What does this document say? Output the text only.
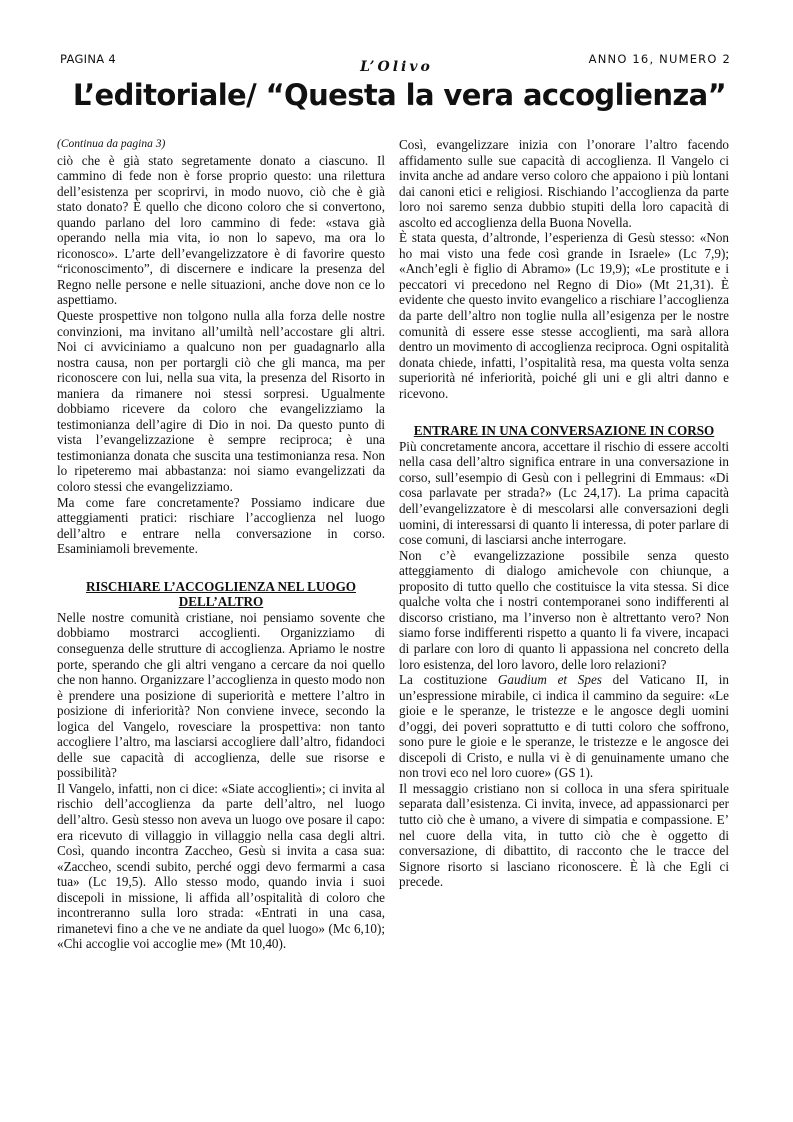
PAGINA 4	ANNO 16, NUMERO 2
L’Olivo
L’editoriale/ “Questa la vera accoglienza”

(Continua da pagina 3)

ciò che è già stato segretamente donato a ciascuno. Il cammino di fede non è forse proprio questo: una rilettura dell’esistenza per scoprirvi, in modo nuovo, ciò che è già stato donato? È quello che dicono coloro che si convertono, quando parlano del loro cammino di fede: «stava già operando nella mia vita, io non lo sapevo, ma ora lo riconosco». L’arte dell’evangelizzatore è di favorire questo “riconoscimento”, di discernere e indicare la presenza del Regno nelle persone e nelle situazioni, anche dove non ce lo aspettiamo.

Queste prospettive non tolgono nulla alla forza delle nostre convinzioni, ma invitano all’umiltà nell’accostare gli altri. Noi ci avviciniamo a qualcuno non per guadagnarlo alla nostra causa, non per portargli ciò che gli manca, ma per riconoscere con lui, nella sua vita, la presenza del Risorto in maniera da rimanere noi stessi sorpresi. Ugualmente dobbiamo ricevere da coloro che evangelizziamo la testimonianza dell’agire di Dio in noi. Da questo punto di vista l’evangelizzazione è sempre reciproca; è una testimonianza donata che suscita una testimonianza resa. Non lo ripeteremo mai abbastanza: noi siamo evangelizzati da coloro stessi che evangelizziamo.

Ma come fare concretamente? Possiamo indicare due atteggiamenti pratici: rischiare l’accoglienza nel luogo dell’altro e entrare nella conversazione in corso. Esaminiamoli brevemente.

RISCHIARE L’ACCOGLIENZA NEL LUOGO DELL’ALTRO

Nelle nostre comunità cristiane, noi pensiamo sovente che dobbiamo mostrarci accoglienti. Organizziamo di conseguenza delle strutture di accoglienza. Apriamo le nostre porte, sperando che gli altri vengano a cercare da noi quello che non hanno. Organizzare l’accoglienza in questo modo non è prendere una posizione di superiorità e mettere l’altro in posizione di inferiorità? Non conviene invece, secondo la logica del Vangelo, rovesciare la prospettiva: non tanto accogliere l’altro, ma lasciarsi accogliere dall’altro, fidandoci delle sue capacità di accoglienza, delle sue risorse e possibilità?

Il Vangelo, infatti, non ci dice: «Siate accoglienti»; ci invita al rischio dell’accoglienza da parte dell’altro, nel luogo dell’altro. Gesù stesso non aveva un luogo ove posare il capo: era ricevuto di villaggio in villaggio nella casa degli altri. Così, quando incontra Zaccheo, Gesù si invita a casa sua: «Zaccheo, scendi subito, perché oggi devo fermarmi a casa tua» (Lc 19,5). Allo stesso modo, quando invia i suoi discepoli in missione, li affida all’ospitalità di coloro che incontreranno sulla loro strada: «Entrati in una casa, rimanetevi fino a che ve ne andiate da quel luogo» (Mc 6,10); «Chi accoglie voi accoglie me» (Mt 10,40).

Così, evangelizzare inizia con l’onorare l’altro facendo affidamento sulle sue capacità di accoglienza. Il Vangelo ci invita anche ad andare verso coloro che appaiono i più lontani dai canoni etici e religiosi. Rischiando l’accoglienza da parte loro noi saremo senza dubbio stupiti della loro capacità di ascolto ed accoglienza della Buona Novella.

È stata questa, d’altronde, l’esperienza di Gesù stesso: «Non ho mai visto una fede così grande in Israele» (Lc 7,9); «Anch’egli è figlio di Abramo» (Lc 19,9); «Le prostitute e i peccatori vi precedono nel Regno di Dio» (Mt 21,31). È evidente che questo invito evangelico a rischiare l’accoglienza da parte dell’altro non toglie nulla all’esigenza per le nostre comunità di essere esse stesse accoglienti, ma sarà allora dentro un movimento di accoglienza reciproca. Ogni ospitalità donata chiede, infatti, l’ospitalità resa, ma questa volta senza superiorità né inferiorità, poiché gli uni e gli altri danno e ricevono.

ENTRARE IN UNA CONVERSAZIONE IN CORSO

Più concretamente ancora, accettare il rischio di essere accolti nella casa dell’altro significa entrare in una conversazione in corso, sull’esempio di Gesù con i pellegrini di Emmaus: «Di cosa parlavate per strada?» (Lc 24,17). La prima capacità dell’evangelizzatore è di mescolarsi alle conversazioni degli uomini, di interessarsi di quanto li interessa, di poter parlare di cose comuni, di lasciarsi anche interrogare.

Non c’è evangelizzazione possibile senza questo atteggiamento di dialogo amichevole con chiunque, a proposito di tutto quello che costituisce la vita stessa. Si dice qualche volta che i nostri contemporanei sono indifferenti al discorso cristiano, ma l’inverso non è altrettanto vero? Non siamo forse indifferenti rispetto a quanto li fa vivere, incapaci di parlare con loro di quanto li appassiona nel concreto della loro esistenza, del loro lavoro, delle loro relazioni?

La costituzione Gaudium et Spes del Vaticano II, in un’espressione mirabile, ci indica il cammino da seguire: «Le gioie e le speranze, le tristezze e le angosce degli uomini d’oggi, dei poveri soprattutto e di tutti coloro che soffrono, sono pure le gioie e le speranze, le tristezze e le angosce dei discepoli di Cristo, e nulla vi è di genuinamente umano che non trovi eco nel loro cuore» (GS 1).

Il messaggio cristiano non si colloca in una sfera spirituale separata dall’esistenza. Ci invita, invece, ad appassionarci per tutto ciò che è umano, a vivere di simpatia e compassione. E’ nel cuore della vita, in tutto ciò che è oggetto di conversazione, di dibattito, di racconto che le tracce del Signore risorto si lasciano riconoscere. È là che Egli ci precede.
